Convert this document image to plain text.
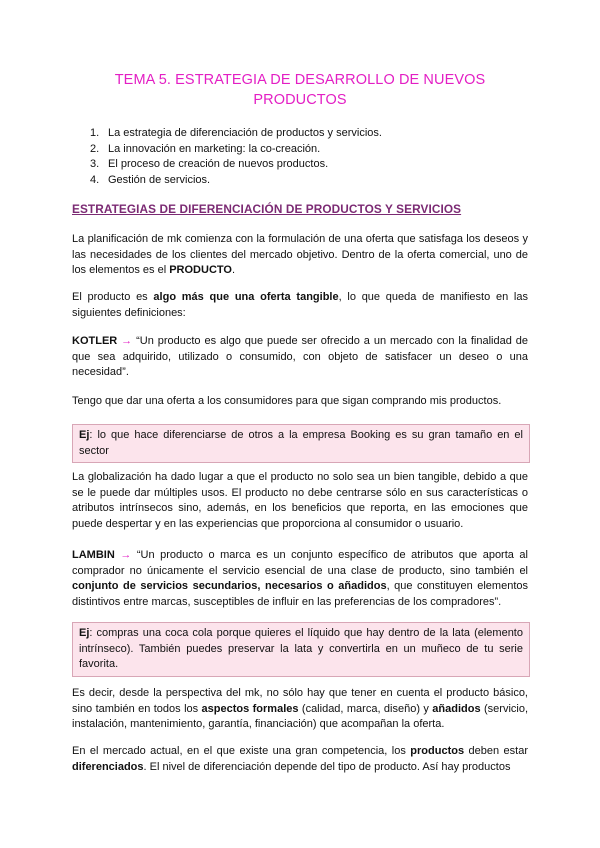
TEMA 5. ESTRATEGIA DE DESARROLLO DE NUEVOS
PRODUCTOS
1. La estrategia de diferenciación de productos y servicios.
2. La innovación en marketing: la co-creación.
3. El proceso de creación de nuevos productos.
4. Gestión de servicios.
ESTRATEGIAS DE DIFERENCIACIÓN DE PRODUCTOS Y SERVICIOS

La planificación de mk comienza con la formulación de una oferta que satisfaga los deseos y las necesidades de los clientes del mercado objetivo. Dentro de la oferta comercial, uno de los elementos es el PRODUCTO.

El producto es algo más que una oferta tangible, lo que queda de manifiesto en las siguientes definiciones:

KOTLER → “Un producto es algo que puede ser ofrecido a un mercado con la finalidad de que sea adquirido, utilizado o consumido, con objeto de satisfacer un deseo o una necesidad”.

Tengo que dar una oferta a los consumidores para que sigan comprando mis productos.

Ej: lo que hace diferenciarse de otros a la empresa Booking es su gran tamaño en el sector

La globalización ha dado lugar a que el producto no solo sea un bien tangible, debido a que se le puede dar múltiples usos. El producto no debe centrarse sólo en sus características o atributos intrínsecos sino, además, en los beneficios que reporta, en las emociones que puede despertar y en las experiencias que proporciona al consumidor o usuario.

LAMBIN → “Un producto o marca es un conjunto específico de atributos que aporta al comprador no únicamente el servicio esencial de una clase de producto, sino también el conjunto de servicios secundarios, necesarios o añadidos, que constituyen elementos distintivos entre marcas, susceptibles de influir en las preferencias de los compradores”.

Ej: compras una coca cola porque quieres el líquido que hay dentro de la lata (elemento intrínseco). También puedes preservar la lata y convertirla en un muñeco de tu serie favorita.

Es decir, desde la perspectiva del mk, no sólo hay que tener en cuenta el producto básico, sino también en todos los aspectos formales (calidad, marca, diseño) y añadidos (servicio, instalación, mantenimiento, garantía, financiación) que acompañan la oferta.

En el mercado actual, en el que existe una gran competencia, los productos deben estar diferenciados. El nivel de diferenciación depende del tipo de producto. Así hay productos
